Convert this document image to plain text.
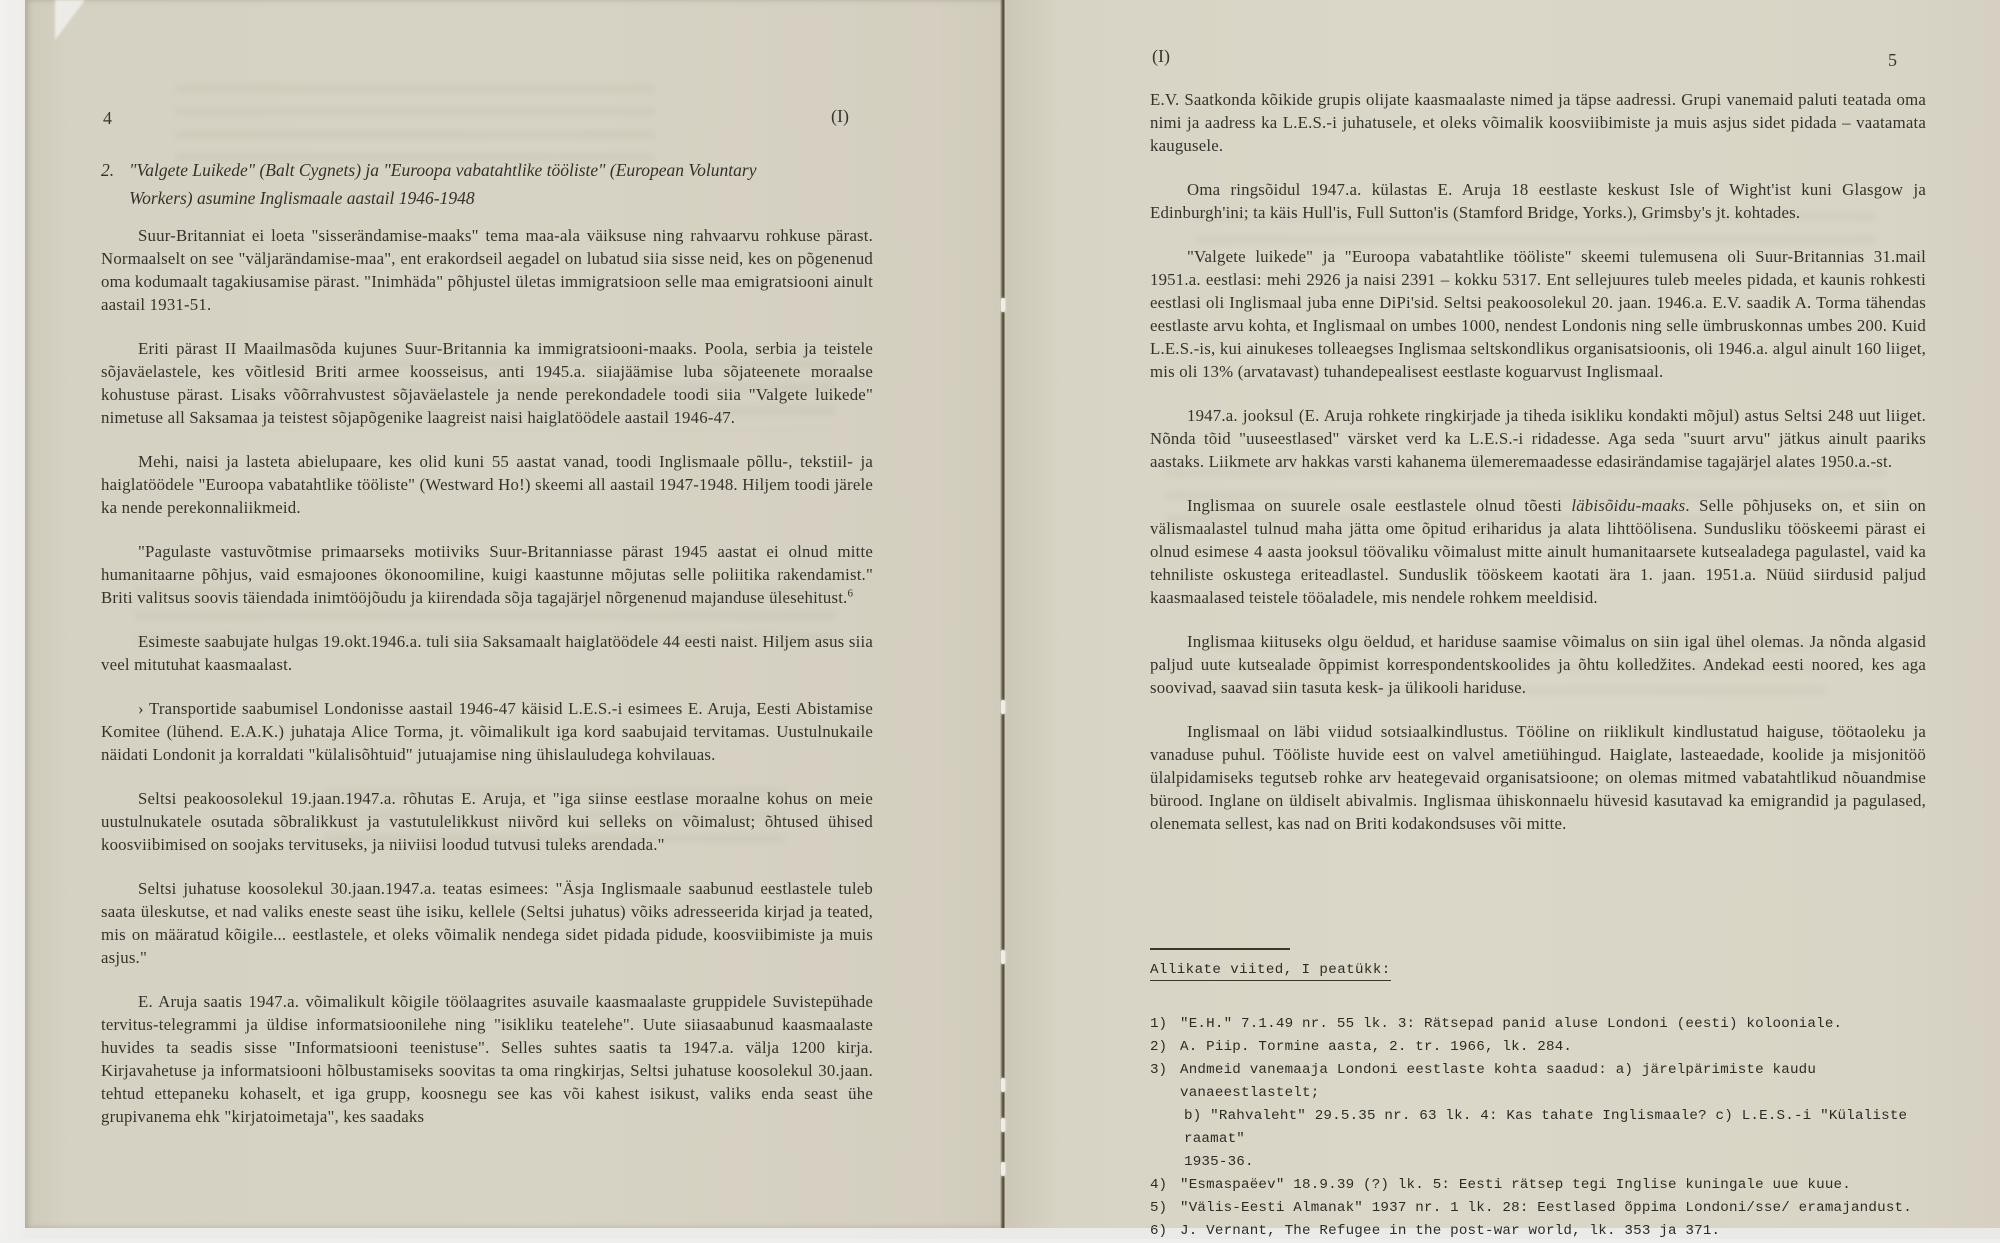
4	(I)
2. "Valgete Luikede" (Balt Cygnets) ja "Euroopa vabatahtlike tööliste" (European Voluntary Workers) asumine Inglismaale aastail 1946-1948

Suur-Britanniat ei loeta "sisserändamise-maaks" tema maa-ala väiksuse ning rahvaarvu rohkuse pärast. Normaalselt on see "väljarändamise-maa", ent erakordseil aegadel on lubatud siia sisse neid, kes on põgenenud oma kodumaalt tagakiusamise pärast. "Inimhäda" põhjustel ületas immigratsioon selle maa emigratsiooni ainult aastail 1931-51.

Eriti pärast II Maailmasõda kujunes Suur-Britannia ka immigratsiooni-maaks. Poola, serbia ja teistele sõjaväelastele, kes võitlesid Briti armee koosseisus, anti 1945.a. siiajäämise luba sõjateenete moraalse kohustuse pärast. Lisaks võõrrahvustest sõjaväelastele ja nende perekondadele toodi siia "Valgete luikede" nimetuse all Saksamaa ja teistest sõjapõgenike laagreist naisi haiglatöödele aastail 1946-47.

Mehi, naisi ja lasteta abielupaare, kes olid kuni 55 aastat vanad, toodi Inglismaale põllu-, tekstiil- ja haiglatöödele "Euroopa vabatahtlike tööliste" (Westward Ho!) skeemi all aastail 1947-1948. Hiljem toodi järele ka nende perekonnaliikmeid.

"Pagulaste vastuvõtmise primaarseks motiiviks Suur-Britanniasse pärast 1945 aastat ei olnud mitte humanitaarne põhjus, vaid esmajoones ökonoomiline, kuigi kaastunne mõjutas selle poliitika rakendamist." Briti valitsus soovis täiendada inimtööjõudu ja kiirendada sõja tagajärjel nõrgenenud majanduse ülesehitust.$^6$

Esimeste saabujate hulgas 19.okt.1946.a. tuli siia Saksamaalt haiglatöödele 44 eesti naist. Hiljem asus siia veel mitutuhat kaasmaalast.

› Transportide saabumisel Londonisse aastail 1946-47 käisid L.E.S.-i esimees E. Aruja, Eesti Abistamise Komitee (lühend. E.A.K.) juhataja Alice Torma, jt. võimalikult iga kord saabujaid tervitamas. Uustulnukaile näidati Londonit ja korraldati "külalisõhtuid" jutuajamise ning ühislauludega kohvilauas.

Seltsi peakoosolekul 19.jaan.1947.a. rõhutas E. Aruja, et "iga siinse eestlase moraalne kohus on meie uustulnukatele osutada sõbralikkust ja vastutulelikkust niivõrd kui selleks on võimalust; õhtused ühised koosviibimised on soojaks tervituseks, ja niiviisi loodud tutvusi tuleks arendada."

Seltsi juhatuse koosolekul 30.jaan.1947.a. teatas esimees: "Äsja Inglismaale saabunud eestlastele tuleb saata üleskutse, et nad valiks eneste seast ühe isiku, kellele (Seltsi juhatus) võiks adresseerida kirjad ja teated, mis on määratud kõigile... eestlastele, et oleks võimalik nendega sidet pidada pidude, koosviibimiste ja muis asjus."

E. Aruja saatis 1947.a. võimalikult kõigile töölaagrites asuvaile kaasmaalaste gruppidele Suvistepühade tervitus-telegrammi ja üldise informatsioonilehe ning "isikliku teatelehe". Uute siiasaabunud kaasmaalaste huvides ta seadis sisse "Informatsiooni teenistuse". Selles suhtes saatis ta 1947.a. välja 1200 kirja. Kirjavahetuse ja informatsiooni hõlbustamiseks soovitas ta oma ringkirjas, Seltsi juhatuse koosolekul 30.jaan. tehtud ettepaneku kohaselt, et iga grupp, koosnegu see kas või kahest isikust, valiks enda seast ühe grupivanema ehk "kirjatoimetaja", kes saadaks

(I)	5

E.V. Saatkonda kõikide grupis olijate kaasmaalaste nimed ja täpse aadressi. Grupi vanemaid paluti teatada oma nimi ja aadress ka L.E.S.-i juhatusele, et oleks võimalik koosviibimiste ja muis asjus sidet pidada – vaatamata kaugusele.

Oma ringsõidul 1947.a. külastas E. Aruja 18 eestlaste keskust Isle of Wight'ist kuni Glasgow ja Edinburgh'ini; ta käis Hull'is, Full Sutton'is (Stamford Bridge, Yorks.), Grimsby's jt. kohtades.

"Valgete luikede" ja "Euroopa vabatahtlike tööliste" skeemi tulemusena oli Suur-Britannias 31.mail 1951.a. eestlasi: mehi 2926 ja naisi 2391 – kokku 5317. Ent sellejuures tuleb meeles pidada, et kaunis rohkesti eestlasi oli Inglismaal juba enne DiPi'sid. Seltsi peakoosolekul 20. jaan. 1946.a. E.V. saadik A. Torma tähendas eestlaste arvu kohta, et Inglismaal on umbes 1000, nendest Londonis ning selle ümbruskonnas umbes 200. Kuid L.E.S.-is, kui ainukeses tolleaegses Inglismaa seltskondlikus organisatsioonis, oli 1946.a. algul ainult 160 liiget, mis oli 13% (arvatavast) tuhandepealisest eestlaste koguarvust Inglismaal.

1947.a. jooksul (E. Aruja rohkete ringkirjade ja tiheda isikliku kondakti mõjul) astus Seltsi 248 uut liiget. Nõnda tõid "uuseestlased" värsket verd ka L.E.S.-i ridadesse. Aga seda "suurt arvu" jätkus ainult paariks aastaks. Liikmete arv hakkas varsti kahanema ülemeremaadesse edasirändamise tagajärjel alates 1950.a.-st.

Inglismaa on suurele osale eestlastele olnud tõesti läbisõidu-maaks. Selle põhjuseks on, et siin on välismaalastel tulnud maha jätta ome õpitud eriharidus ja alata lihttöölisena. Sundusliku tööskeemi pärast ei olnud esimese 4 aasta jooksul töövaliku võimalust mitte ainult humanitaarsete kutsealadega pagulastel, vaid ka tehniliste oskustega eriteadlastel. Sunduslik tööskeem kaotati ära 1. jaan. 1951.a. Nüüd siirdusid paljud kaasmaalased teistele tööaladele, mis nendele rohkem meeldisid.

Inglismaa kiituseks olgu öeldud, et hariduse saamise võimalus on siin igal ühel olemas. Ja nõnda algasid paljud uute kutsealade õppimist korrespondentskoolides ja õhtu kolledžites. Andekad eesti noored, kes aga soovivad, saavad siin tasuta kesk- ja ülikooli hariduse.

Inglismaal on läbi viidud sotsiaalkindlustus. Tööline on riiklikult kindlustatud haiguse, töötaoleku ja vanaduse puhul. Tööliste huvide eest on valvel ametiühingud. Haiglate, lasteaedade, koolide ja misjonitöö ülalpidamiseks tegutseb rohke arv heategevaid organisatsioone; on olemas mitmed vabatahtlikud nõuandmise bürood. Inglane on üldiselt abivalmis. Inglismaa ühiskonnaelu hüvesid kasutavad ka emigrandid ja pagulased, olenemata sellest, kas nad on Briti kodakondsuses või mitte.

Allikate viited, I peatükk:
1) "E.H." 7.1.49 nr. 55 lk. 3: Rätsepad panid aluse Londoni (eesti) kolooniale.
2) A. Piip. Tormine aasta, 2. tr. 1966, lk. 284.
3) Andmeid vanemaaja Londoni eestlaste kohta saadud: a) järelpärimiste kaudu vanaeestlastelt;
b) "Rahvaleht" 29.5.35 nr. 63 lk. 4: Kas tahate Inglismaale? c) L.E.S.-i "Külaliste raamat"
1935-36.
4) "Esmaspaëev" 18.9.39 (?) lk. 5: Eesti rätsep tegi Inglise kuningale uue kuue.
5) "Välis-Eesti Almanak" 1937 nr. 1 lk. 28: Eestlased õppima Londoni/sse/ eramajandust.
6) J. Vernant, The Refugee in the post-war world, lk. 353 ja 371.
